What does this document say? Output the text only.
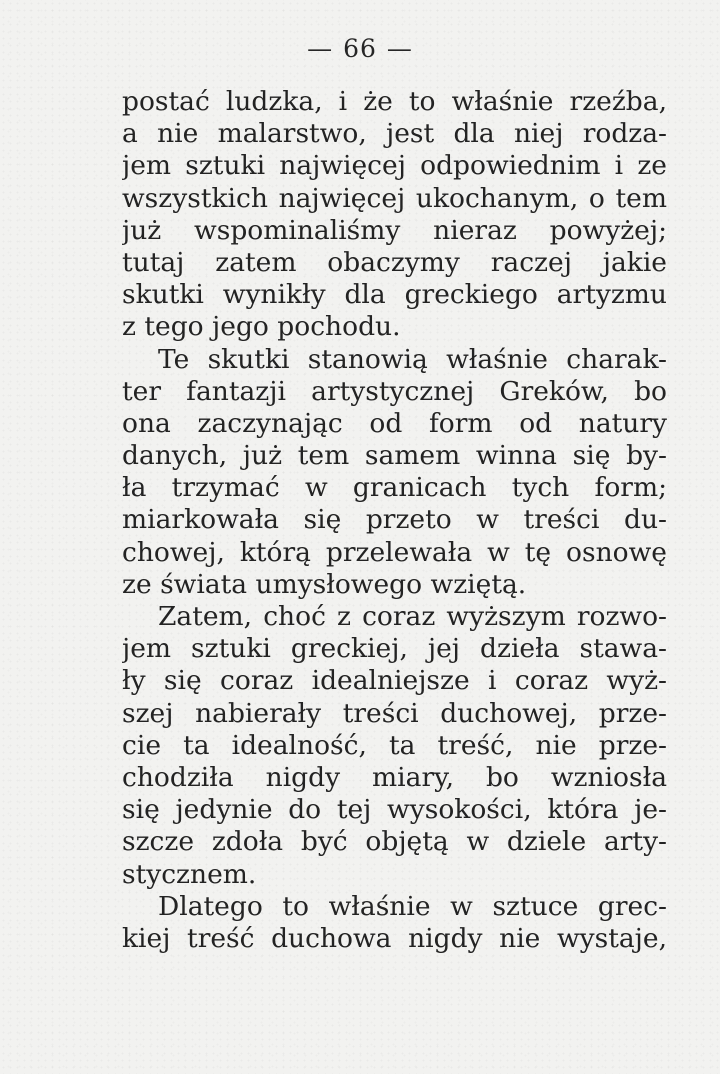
— 66 —
postać ludzka, i że to właśnie rzeźba,
a nie malarstwo, jest dla niej rodza-
jem sztuki najwięcej odpowiednim i ze
wszystkich najwięcej ukochanym, o tem
już wspominaliśmy nieraz powyżej;
tutaj zatem obaczymy raczej jakie
skutki wynikły dla greckiego artyzmu
z tego jego pochodu.
Te skutki stanowią właśnie charak-
ter fantazji artystycznej Greków, bo
ona zaczynając od form od natury
danych, już tem samem winna się by-
ła trzymać w granicach tych form;
miarkowała się przeto w treści du-
chowej, którą przelewała w tę osnowę
ze świata umysłowego wziętą.
Zatem, choć z coraz wyższym rozwo-
jem sztuki greckiej, jej dzieła stawa-
ły się coraz idealniejsze i coraz wyż-
szej nabierały treści duchowej, prze-
cie ta idealność, ta treść, nie prze-
chodziła nigdy miary, bo wzniosła
się jedynie do tej wysokości, która je-
szcze zdoła być objętą w dziele arty-
stycznem.
Dlatego to właśnie w sztuce grec-
kiej treść duchowa nigdy nie wystaje,
